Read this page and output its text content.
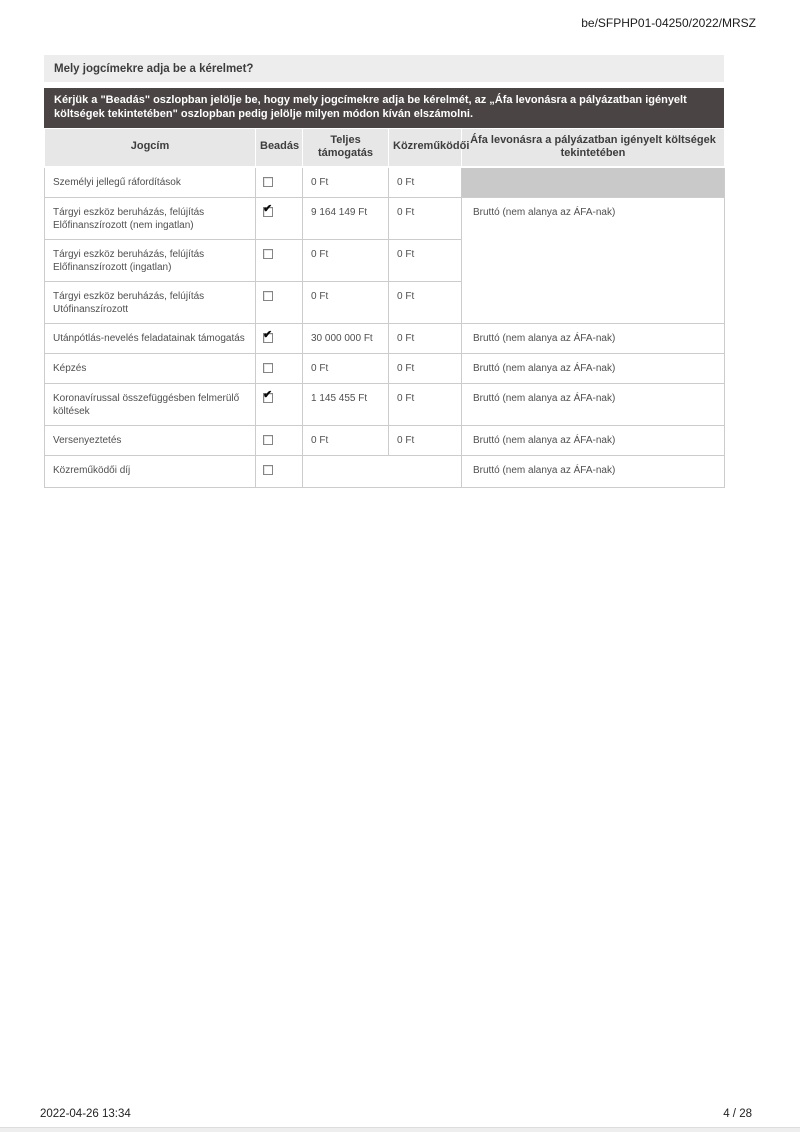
be/SFPHP01-04250/2022/MRSZ
Mely jogcímekre adja be a kérelmet?
Kérjük a "Beadás" oszlopban jelölje be, hogy mely jogcímekre adja be kérelmét, az „Áfa levonásra a pályázatban igényelt költségek tekintetében" oszlopban pedig jelölje milyen módon kíván elszámolni.
Jogcím	Beadás	Teljes támogatás	Közreműködői	Áfa levonásra a pályázatban igényelt költségek tekintetében
Személyi jellegű ráfordítások		0 Ft	0 Ft	
Tárgyi eszköz beruházás, felújítás Előfinanszírozott (nem ingatlan)	✔	9 164 149 Ft	0 Ft	Bruttó (nem alanya az ÁFA-nak)
Tárgyi eszköz beruházás, felújítás Előfinanszírozott (ingatlan)		0 Ft	0 Ft	
Tárgyi eszköz beruházás, felújítás Utófinanszírozott		0 Ft	0 Ft	
Utánpótlás-nevelés feladatainak támogatás	✔	30 000 000 Ft	0 Ft	Bruttó (nem alanya az ÁFA-nak)
Képzés		0 Ft	0 Ft	Bruttó (nem alanya az ÁFA-nak)
Koronavírussal összefüggésben felmerülő költések	✔	1 145 455 Ft	0 Ft	Bruttó (nem alanya az ÁFA-nak)
Versenyeztetés		0 Ft	0 Ft	Bruttó (nem alanya az ÁFA-nak)
Közreműködői díj				Bruttó (nem alanya az ÁFA-nak)
2022-04-26 13:34	4 / 28
